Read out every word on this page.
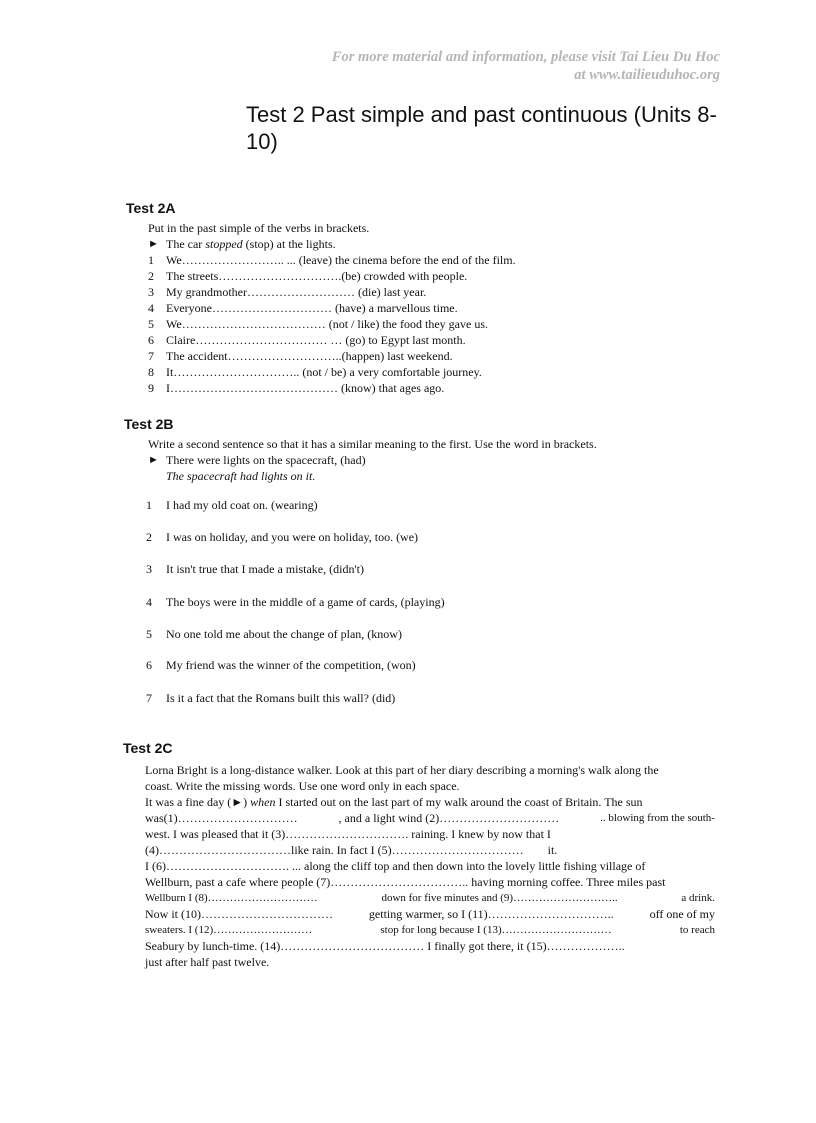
For more material and information, please visit Tai Lieu Du Hoc
at www.tailieuduhoc.org
Test 2 Past simple and past continuous (Units 8-10)
Test 2A
Put in the past simple of the verbs in brackets.
► The car stopped (stop) at the lights.
1	We…………………….. ... (leave) the cinema before the end of the film.
2	The streets………………………….(be) crowded with people.
3	My grandmother……………………… (die) last year.
4	Everyone………………………… (have) a marvellous time.
5	We……………………………… (not / like) the food they gave us.
6	Claire…………………………… … (go) to Egypt last month.
7	The accident………………………..(happen) last weekend.
8	It………………………….. (not / be) a very comfortable journey.
9	I…………………………………… (know) that ages ago.
Test 2B
Write a second sentence so that it has a similar meaning to the first. Use the word in brackets.
► There were lights on the spacecraft, (had)
The spacecraft had lights on it.
1	I had my old coat on. (wearing)
2	I was on holiday, and you were on holiday, too. (we)
3	It isn't true that I made a mistake, (didn't)
4	The boys were in the middle of a game of cards, (playing)
5	No one told me about the change of plan, (know)
6	My friend was the winner of the competition, (won)
7	Is it a fact that the Romans built this wall? (did)
Test 2C
Lorna Bright is a long-distance walker. Look at this part of her diary describing a morning's walk along the
coast. Write the missing words. Use one word only in each space.
It was a fine day (►) when I started out on the last part of my walk around the coast of Britain. The sun
was(1)…………………………	, and a light wind (2)…………………………	.. blowing from the south-
west. I was pleased that it (3)…………………………. raining. I knew by now that I
(4)……………………………like rain. In fact I (5)…………………………… it.
I (6)…………………………. ... along the cliff top and then down into the lovely little fishing village of
Wellburn, past a cafe where people (7)…………………………….. having morning coffee. Three miles past
Wellburn I (8)…………………………	down for five minutes and (9)………………………..	a drink.
Now it (10)……………………………	getting warmer, so I (11)…………………………..	off one of my
sweaters. I (12)………………………	stop for long because I (13)…………………………	to reach
Seabury by lunch-time. (14)……………………………… I finally got there, it (15)………………..
just after half past twelve.
